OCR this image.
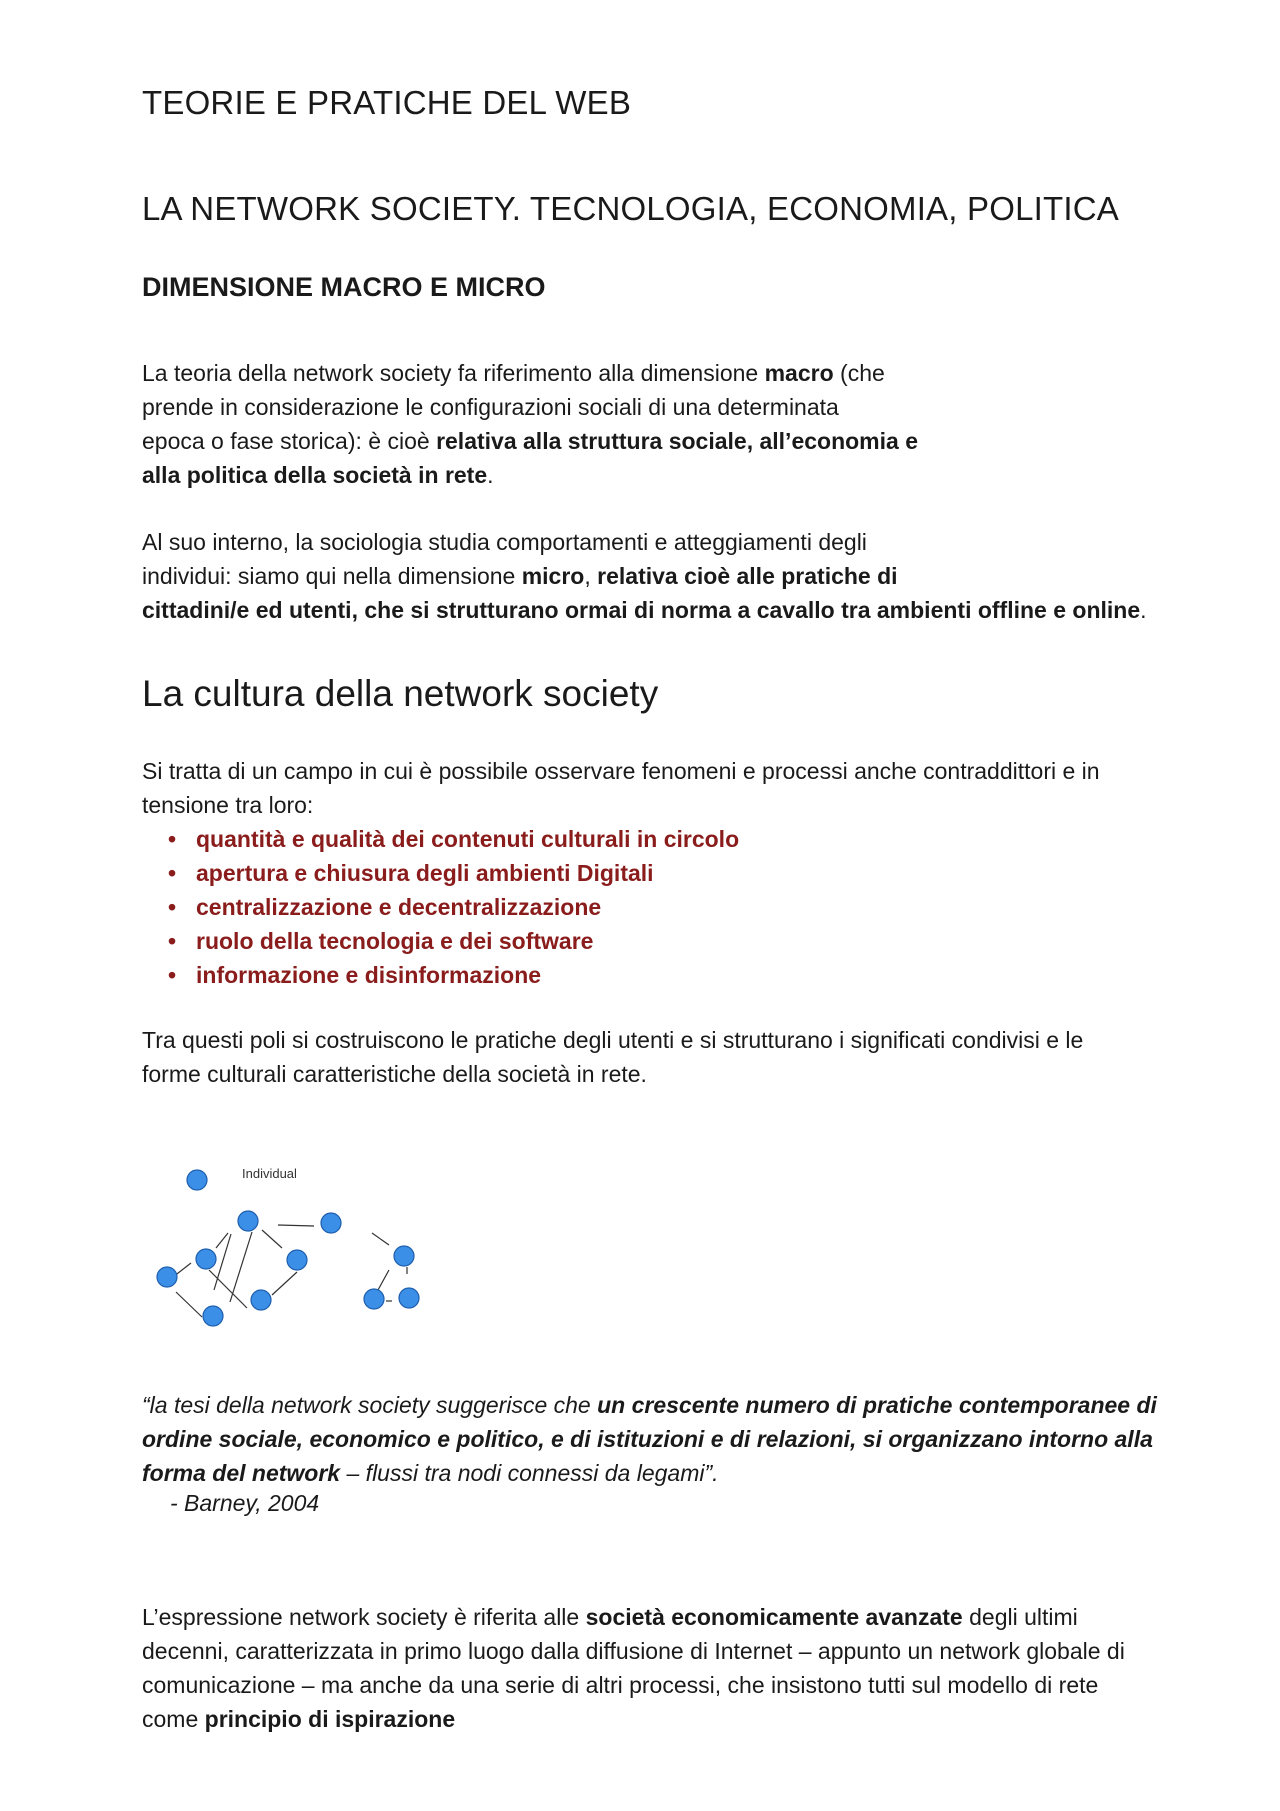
TEORIE E PRATICHE DEL WEB
LA NETWORK SOCIETY. TECNOLOGIA, ECONOMIA, POLITICA
DIMENSIONE MACRO E MICRO
La teoria della network society fa riferimento alla dimensione macro (che
prende in considerazione le configurazioni sociali di una determinata
epoca o fase storica): è cioè relativa alla struttura sociale, all’economia e
alla politica della società in rete.
Al suo interno, la sociologia studia comportamenti e atteggiamenti degli
individui: siamo qui nella dimensione micro, relativa cioè alle pratiche di
cittadini/e ed utenti, che si strutturano ormai di norma a cavallo tra ambienti offline e online.
La cultura della network society
Si tratta di un campo in cui è possibile osservare fenomeni e processi anche contraddittori e in
tensione tra loro:
• quantità e qualità dei contenuti culturali in circolo
• apertura e chiusura degli ambienti Digitali
• centralizzazione e decentralizzazione
• ruolo della tecnologia e dei software
• informazione e disinformazione
Tra questi poli si costruiscono le pratiche degli utenti e si strutturano i significati condivisi e le
forme culturali caratteristiche della società in rete.
Individual
“la tesi della network society suggerisce che un crescente numero di pratiche contemporanee di
ordine sociale, economico e politico, e di istituzioni e di relazioni, si organizzano intorno alla
forma del network – flussi tra nodi connessi da legami”.
- Barney, 2004
L’espressione network society è riferita alle società economicamente avanzate degli ultimi
decenni, caratterizzata in primo luogo dalla diffusione di Internet – appunto un network globale di
comunicazione – ma anche da una serie di altri processi, che insistono tutti sul modello di rete
come principio di ispirazione
